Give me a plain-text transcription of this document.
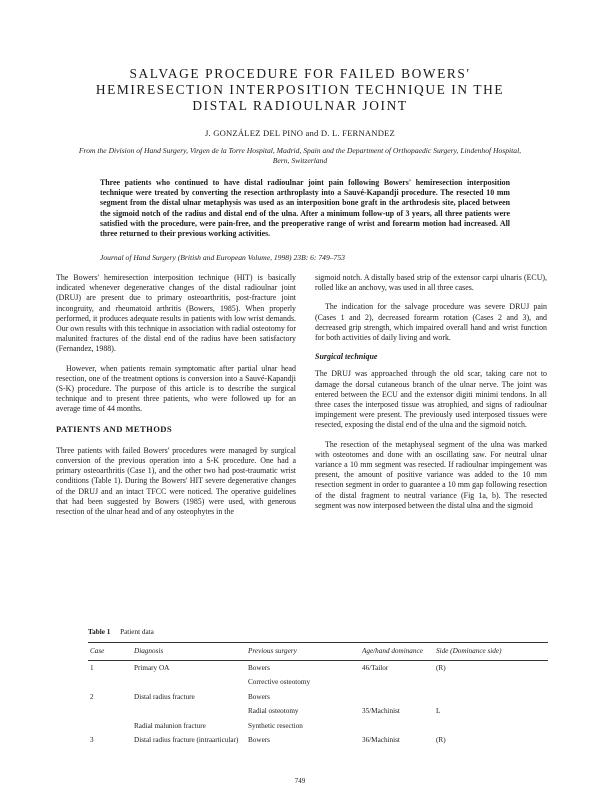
SALVAGE PROCEDURE FOR FAILED BOWERS'
HEMIRESECTION INTERPOSITION TECHNIQUE IN THE
DISTAL RADIOULNAR JOINT
J. GONZÁLEZ DEL PINO and D. L. FERNANDEZ
From the Division of Hand Surgery, Virgen de la Torre Hospital, Madrid, Spain and the Department of Orthopaedic Surgery, Lindenhof Hospital, Bern, Switzerland
Three patients who continued to have distal radioulnar joint pain following Bowers' hemiresection interposition technique were treated by converting the resection arthroplasty into a Sauvé-Kapandji procedure. The resected 10 mm segment from the distal ulnar metaphysis was used as an interposition bone graft in the arthrodesis site, placed between the sigmoid notch of the radius and distal end of the ulna. After a minimum follow-up of 3 years, all three patients were satisfied with the procedure, were pain-free, and the preoperative range of wrist and forearm motion had increased. All three returned to their previous working activities.
Journal of Hand Surgery (British and European Volume, 1998) 23B: 6: 749–753

The Bowers' hemiresection interposition technique (HIT) is basically indicated whenever degenerative changes of the distal radioulnar joint (DRUJ) are present due to primary osteoarthritis, post-fracture joint incongruity, and rheumatoid arthritis (Bowers, 1985). When properly performed, it produces adequate results in patients with low wrist demands. Our own results with this technique in association with radial osteotomy for malunited fractures of the distal end of the radius have been satisfactory (Fernandez, 1988).

However, when patients remain symptomatic after partial ulnar head resection, one of the treatment options is conversion into a Sauvé-Kapandji (S-K) procedure. The purpose of this article is to describe the surgical technique and to present three patients, who were followed up for an average time of 44 months.

PATIENTS AND METHODS

Three patients with failed Bowers' procedures were managed by surgical conversion of the previous operation into a S-K procedure. One had a primary osteoarthritis (Case 1), and the other two had post-traumatic wrist conditions (Table 1). During the Bowers' HIT severe degenerative changes of the DRUJ and an intact TFCC were noticed. The operative guidelines that had been suggested by Bowers (1985) were used, with generous resection of the ulnar head and of any osteophytes in the

sigmoid notch. A distally based strip of the extensor carpi ulnaris (ECU), rolled like an anchovy, was used in all three cases.

The indication for the salvage procedure was severe DRUJ pain (Cases 1 and 2), decreased forearm rotation (Cases 2 and 3), and decreased grip strength, which impaired overall hand and wrist function for both activities of daily living and work.

Surgical technique

The DRUJ was approached through the old scar, taking care not to damage the dorsal cutaneous branch of the ulnar nerve. The joint was entered between the ECU and the extensor digiti minimi tendons. In all three cases the interposed tissue was atrophied, and signs of radioulnar impingement were present. The previously used interposed tissues were resected, exposing the distal end of the ulna and the sigmoid notch.

The resection of the metaphyseal segment of the ulna was marked with osteotomes and done with an oscillating saw. For neutral ulnar variance a 10 mm segment was resected. If radioulnar impingement was present, the amount of positive variance was added to the 10 mm resection segment in order to guarantee a 10 mm gap following resection of the distal fragment to neutral variance (Fig 1a, b). The resected segment was now interposed between the distal ulna and the sigmoid

Table 1 Patient data
Case	Diagnosis	Previous surgery	Age/hand dominance	Side (Dominance side)

1	Primary OA	Bowers	46/Tailor	(R)
		Corrective osteotomy		
2	Distal radius fracture	Bowers		
		Radial osteotomy	35/Machinist	L
	Radial malunion fracture	Synthetic resection		
3	Distal radius fracture (intraarticular)	Bowers	36/Machinist	(R)
749
